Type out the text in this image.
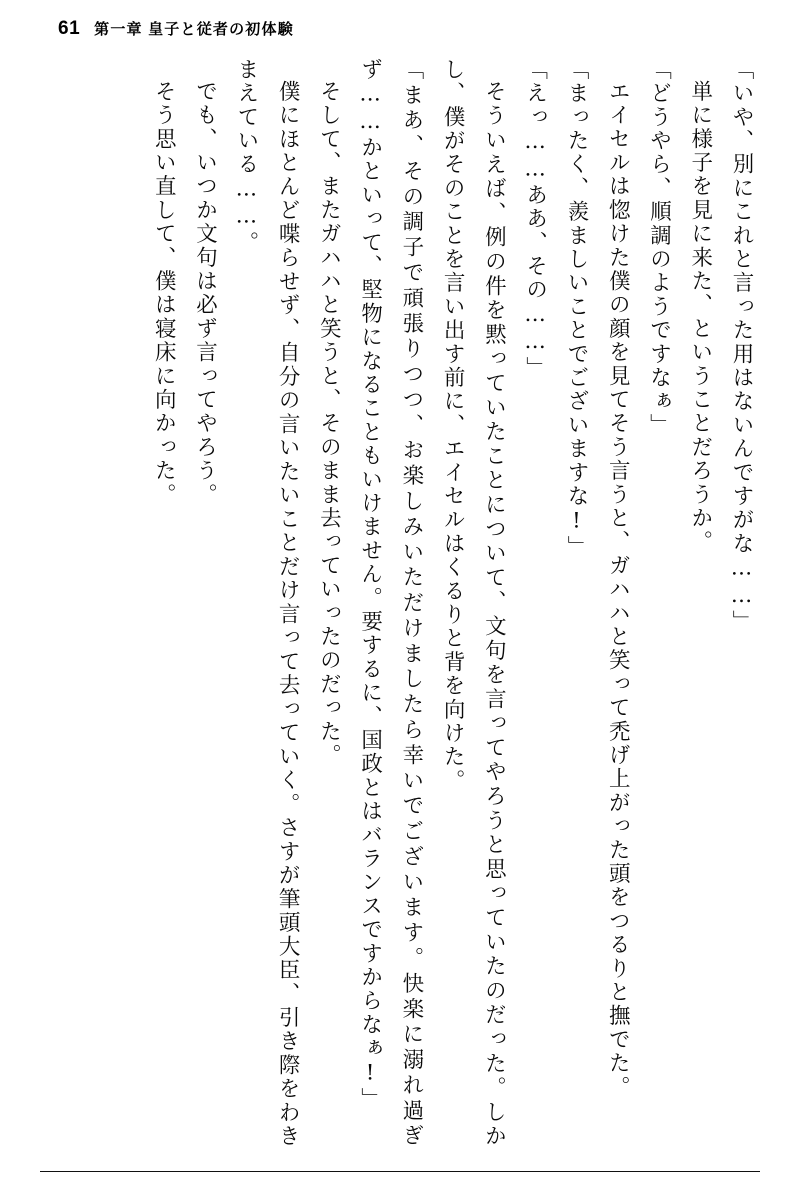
61 第一章 皇子と従者の初体験

「いや、別にこれと言った用はないんですがな……」

単に様子を見に来た、ということだろうか。

「どうやら、順調のようですなぁ」

エイセルは惚けた僕の顔を見てそう言うと、ガハハと笑って禿げ上がった頭をつるりと撫でた。

「まったく、羨ましいことでございますな!」

「えっ……ああ、その……」

そういえば、例の件を黙っていたことについて、文句を言ってやろうと思っていたのだった。しかし、僕がそのことを言い出す前に、エイセルはくるりと背を向けた。

「まあ、その調子で頑張りつつ、お楽しみいただけましたら幸いでございます。快楽に溺れ過ぎず……かといって、堅物になることもいけません。要するに、国政とはバランスですからなぁ!」

そして、またガハハと笑うと、そのまま去っていったのだった。

僕にほとんど喋らせず、自分の言いたいことだけ言って去っていく。さすが筆頭大臣、引き際をわきまえている……。

でも、いつか文句は必ず言ってやろう。

そう思い直して、僕は寝床に向かった。
